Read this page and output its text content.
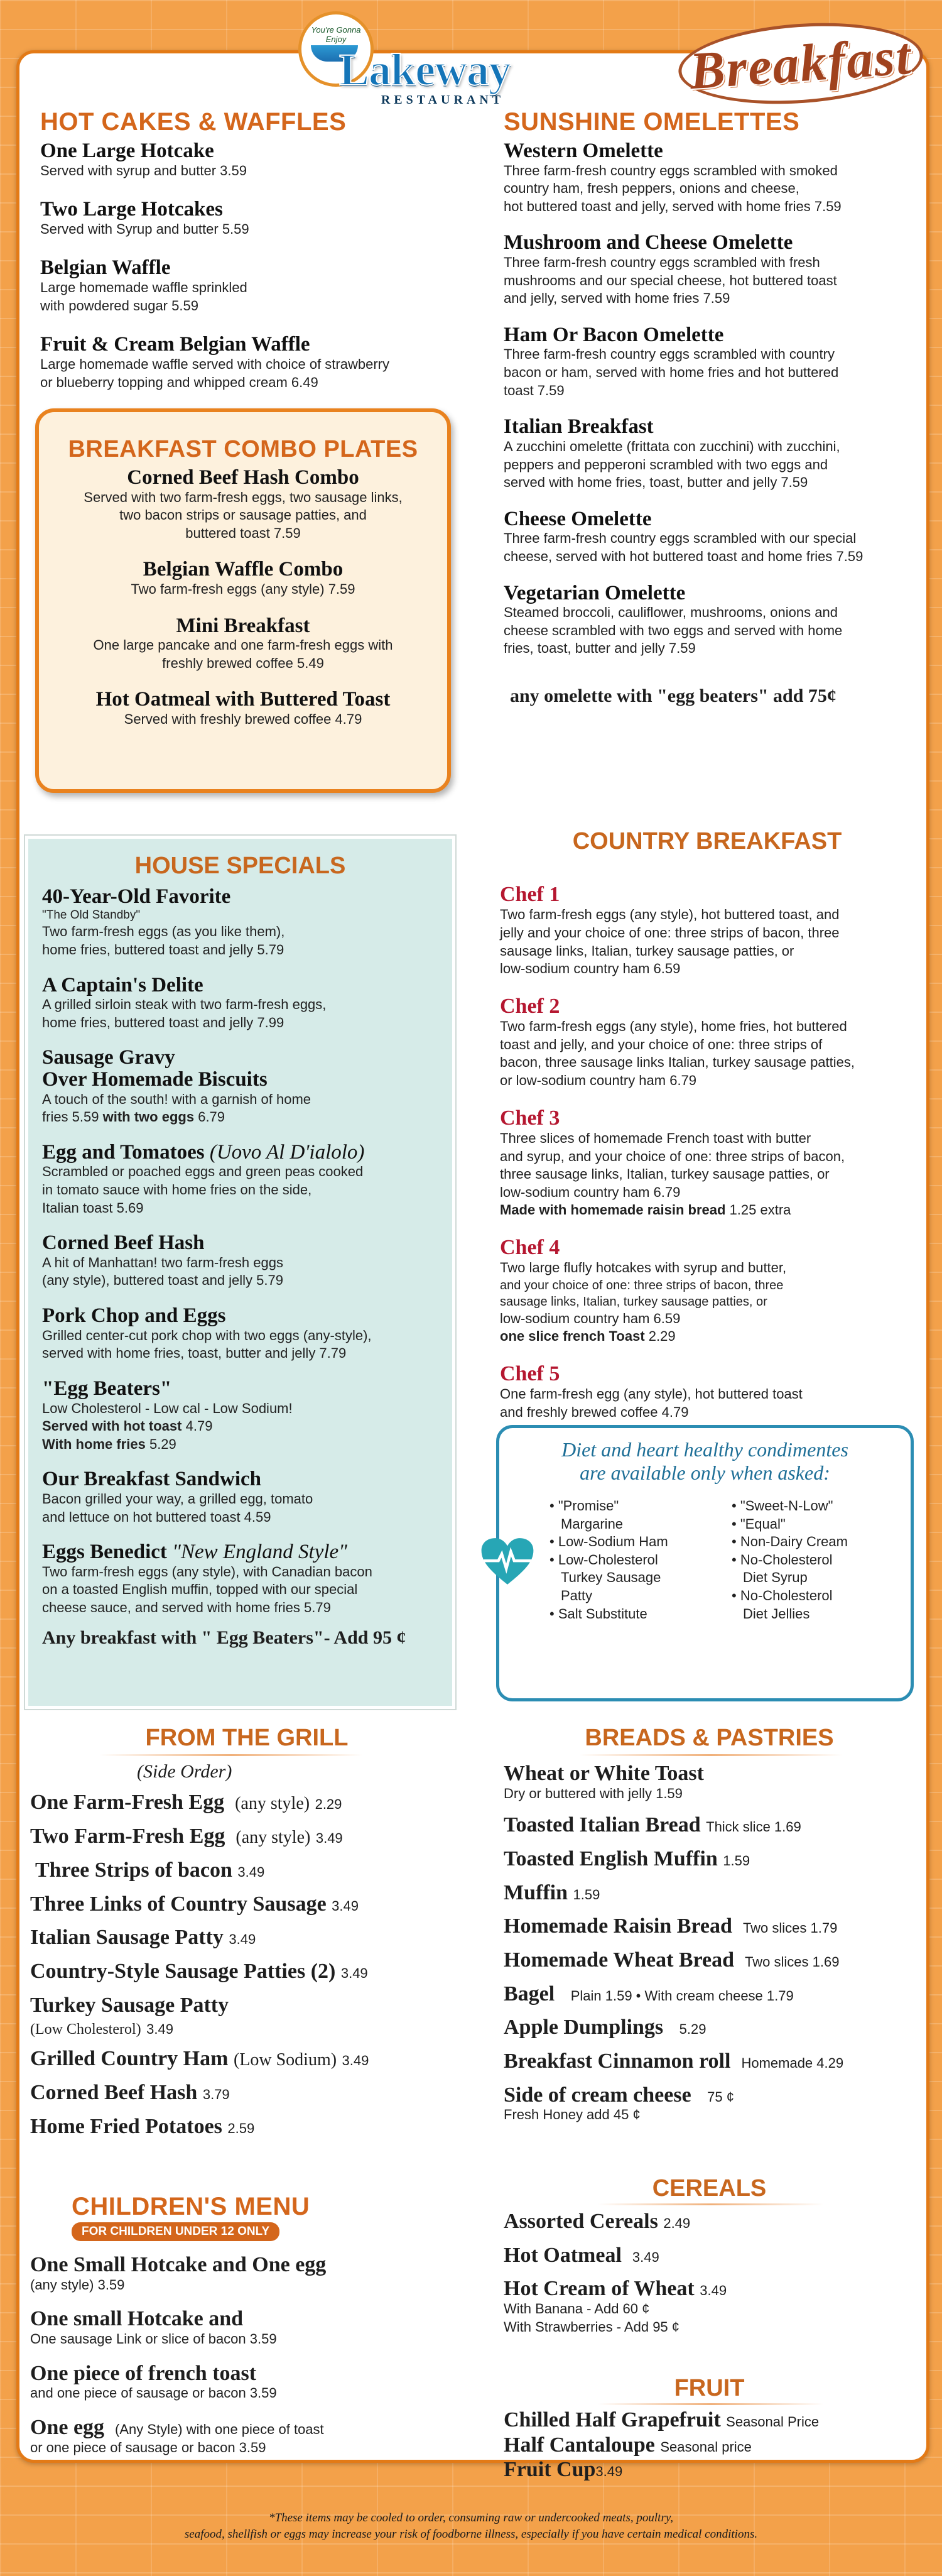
You're Gonna Enjoy
Lakeway
RESTAURANT	Breakfast
HOT CAKES & WAFFLES
One Large Hotcake
Served with syrup and butter 3.59
Two Large Hotcakes
Served with Syrup and butter 5.59
Belgian Waffle
Large homemade waffle sprinkled
with powdered sugar 5.59
Fruit & Cream Belgian Waffle
Large homemade waffle served with choice of strawberry
or blueberry topping and whipped cream 6.49
BREAKFAST COMBO PLATES
Corned Beef Hash Combo
Served with two farm-fresh eggs, two sausage links,
two bacon strips or sausage patties, and
buttered toast 7.59
Belgian Waffle Combo
Two farm-fresh eggs (any style) 7.59
Mini Breakfast
One large pancake and one farm-fresh eggs with
freshly brewed coffee 5.49
Hot Oatmeal with Buttered Toast
Served with freshly brewed coffee 4.79
SUNSHINE OMELETTES
Western Omelette
Three farm-fresh country eggs scrambled with smoked
country ham, fresh peppers, onions and cheese,
hot buttered toast and jelly, served with home fries 7.59
Mushroom and Cheese Omelette
Three farm-fresh country eggs scrambled with fresh
mushrooms and our special cheese, hot buttered toast
and jelly, served with home fries 7.59
Ham Or Bacon Omelette
Three farm-fresh country eggs scrambled with country
bacon or ham, served with home fries and hot buttered
toast 7.59
Italian Breakfast
A zucchini omelette (frittata con zucchini) with zucchini,
peppers and pepperoni scrambled with two eggs and
served with home fries, toast, butter and jelly 7.59
Cheese Omelette
Three farm-fresh country eggs scrambled with our special
cheese, served with hot buttered toast and home fries 7.59
Vegetarian Omelette
Steamed broccoli, cauliflower, mushrooms, onions and
cheese scrambled with two eggs and served with home
fries, toast, butter and jelly 7.59
any omelette with "egg beaters" add 75¢
HOUSE SPECIALS
40-Year-Old Favorite
"The Old Standby"
Two farm-fresh eggs (as you like them),
home fries, buttered toast and jelly 5.79
A Captain's Delite
A grilled sirloin steak with two farm-fresh eggs,
home fries, buttered toast and jelly 7.99
Sausage Gravy
Over Homemade Biscuits
A touch of the south! with a garnish of home
fries 5.59 with two eggs 6.79
Egg and Tomatoes (Uovo Al D'ialolo)
Scrambled or poached eggs and green peas cooked
in tomato sauce with home fries on the side,
Italian toast 5.69
Corned Beef Hash
A hit of Manhattan! two farm-fresh eggs
(any style), buttered toast and jelly 5.79
Pork Chop and Eggs
Grilled center-cut pork chop with two eggs (any-style),
served with home fries, toast, butter and jelly 7.79
"Egg Beaters"
Low Cholesterol - Low cal - Low Sodium!
Served with hot toast 4.79
With home fries 5.29
Our Breakfast Sandwich
Bacon grilled your way, a grilled egg, tomato
and lettuce on hot buttered toast 4.59
Eggs Benedict "New England Style"
Two farm-fresh eggs (any style), with Canadian bacon
on a toasted English muffin, topped with our special
cheese sauce, and served with home fries 5.79
Any breakfast with " Egg Beaters"- Add 95 ¢
COUNTRY BREAKFAST
Chef 1
Two farm-fresh eggs (any style), hot buttered toast, and
jelly and your choice of one: three strips of bacon, three
sausage links, Italian, turkey sausage patties, or
low-sodium country ham 6.59
Chef 2
Two farm-fresh eggs (any style), home fries, hot buttered
toast and jelly, and your choice of one: three strips of
bacon, three sausage links Italian, turkey sausage patties,
or low-sodium country ham 6.79
Chef 3
Three slices of homemade French toast with butter
and syrup, and your choice of one: three strips of bacon,
three sausage links, Italian, turkey sausage patties, or
low-sodium country ham 6.79
Made with homemade raisin bread 1.25 extra
Chef 4
Two large flufly hotcakes with syrup and butter,
and your choice of one: three strips of bacon, three
sausage links, Italian, turkey sausage patties, or
low-sodium country ham 6.59
one slice french Toast 2.29
Chef 5
One farm-fresh egg (any style), hot buttered toast
and freshly brewed coffee 4.79
Diet and heart healthy condimentes
are available only when asked:
• "Promise"
Margarine
• Low-Sodium Ham
• Low-Cholesterol
Turkey Sausage
Patty
• Salt Substitute
• "Sweet-N-Low"
• "Equal"
• Non-Dairy Cream
• No-Cholesterol
Diet Syrup
• No-Cholesterol
Diet Jellies
FROM THE GRILL
(Side Order)
One Farm-Fresh Egg (any style) 2.29
Two Farm-Fresh Egg (any style) 3.49
Three Strips of bacon 3.49
Three Links of Country Sausage 3.49
Italian Sausage Patty 3.49
Country-Style Sausage Patties (2) 3.49
Turkey Sausage Patty
(Low Cholesterol) 3.49
Grilled Country Ham (Low Sodium) 3.49
Corned Beef Hash 3.79
Home Fried Potatoes 2.59
CHILDREN'S MENU
FOR CHILDREN UNDER 12 ONLY
One Small Hotcake and One egg
(any style) 3.59
One small Hotcake and
One sausage Link or slice of bacon 3.59
One piece of french toast
and one piece of sausage or bacon 3.59
One egg (Any Style) with one piece of toast
or one piece of sausage or bacon 3.59
BREADS & PASTRIES
Wheat or White Toast
Dry or buttered with jelly 1.59
Toasted Italian Bread Thick slice 1.69
Toasted English Muffin 1.59
Muffin 1.59
Homemade Raisin Bread Two slices 1.79
Homemade Wheat Bread Two slices 1.69
Bagel Plain 1.59 • With cream cheese 1.79
Apple Dumplings 5.29
Breakfast Cinnamon roll Homemade 4.29
Side of cream cheese 75 ¢
Fresh Honey add 45 ¢
CEREALS
Assorted Cereals 2.49
Hot Oatmeal 3.49
Hot Cream of Wheat 3.49
With Banana - Add 60 ¢
With Strawberries - Add 95 ¢
FRUIT
Chilled Half Grapefruit Seasonal Price
Half Cantaloupe Seasonal price
Fruit Cup3.49
*These items may be cooled to order, consuming raw or undercooked meats, poultry,
seafood, shellfish or eggs may increase your risk of foodborne illness, especially if you have certain medical conditions.
